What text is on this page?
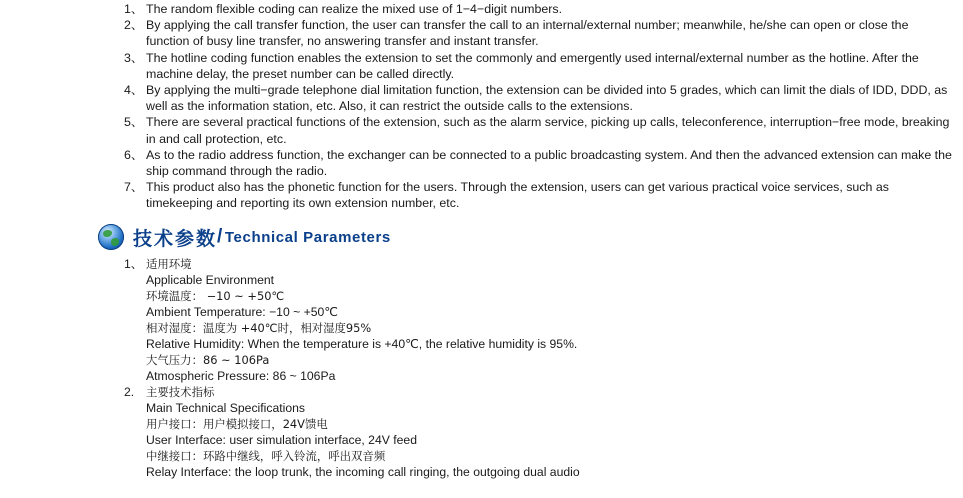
1、 The random flexible coding can realize the mixed use of 1−4−digit numbers.
2、 By applying the call transfer function, the user can transfer the call to an internal/external number; meanwhile, he/she can open or close the function of busy line transfer, no answering transfer and instant transfer.
3、 The hotline coding function enables the extension to set the commonly and emergently used internal/external number as the hotline. After the machine delay, the preset number can be called directly.
4、 By applying the multi−grade telephone dial limitation function, the extension can be divided into 5 grades, which can limit the dials of IDD, DDD, as well as the information station, etc. Also, it can restrict the outside calls to the extensions.
5、 There are several practical functions of the extension, such as the alarm service, picking up calls, teleconference, interruption−free mode, breaking in and call protection, etc.
6、 As to the radio address function, the exchanger can be connected to a public broadcasting system. And then the advanced extension can make the ship command through the radio.
7、 This product also has the phonetic function for the users. Through the extension, users can get various practical voice services, such as timekeeping and reporting its own extension number, etc.
技术参数 / Technical Parameters
1、 适用环境
Applicable Environment
环境温度： −10 ~ +50℃
Ambient Temperature: −10 ~ +50℃
相对湿度：温度为 +40℃时，相对湿度95%
Relative Humidity: When the temperature is +40℃, the relative humidity is 95%.
大气压力：86 ~ 106Pa
Atmospheric Pressure: 86 ~ 106Pa
2.	主要技术指标
Main Technical Specifications
用户接口：用户模拟接口，24V馈电
User Interface: user simulation interface, 24V feed
中继接口：环路中继线，呼入铃流，呼出双音频
Relay Interface: the loop trunk, the incoming call ringing, the outgoing dual audio
